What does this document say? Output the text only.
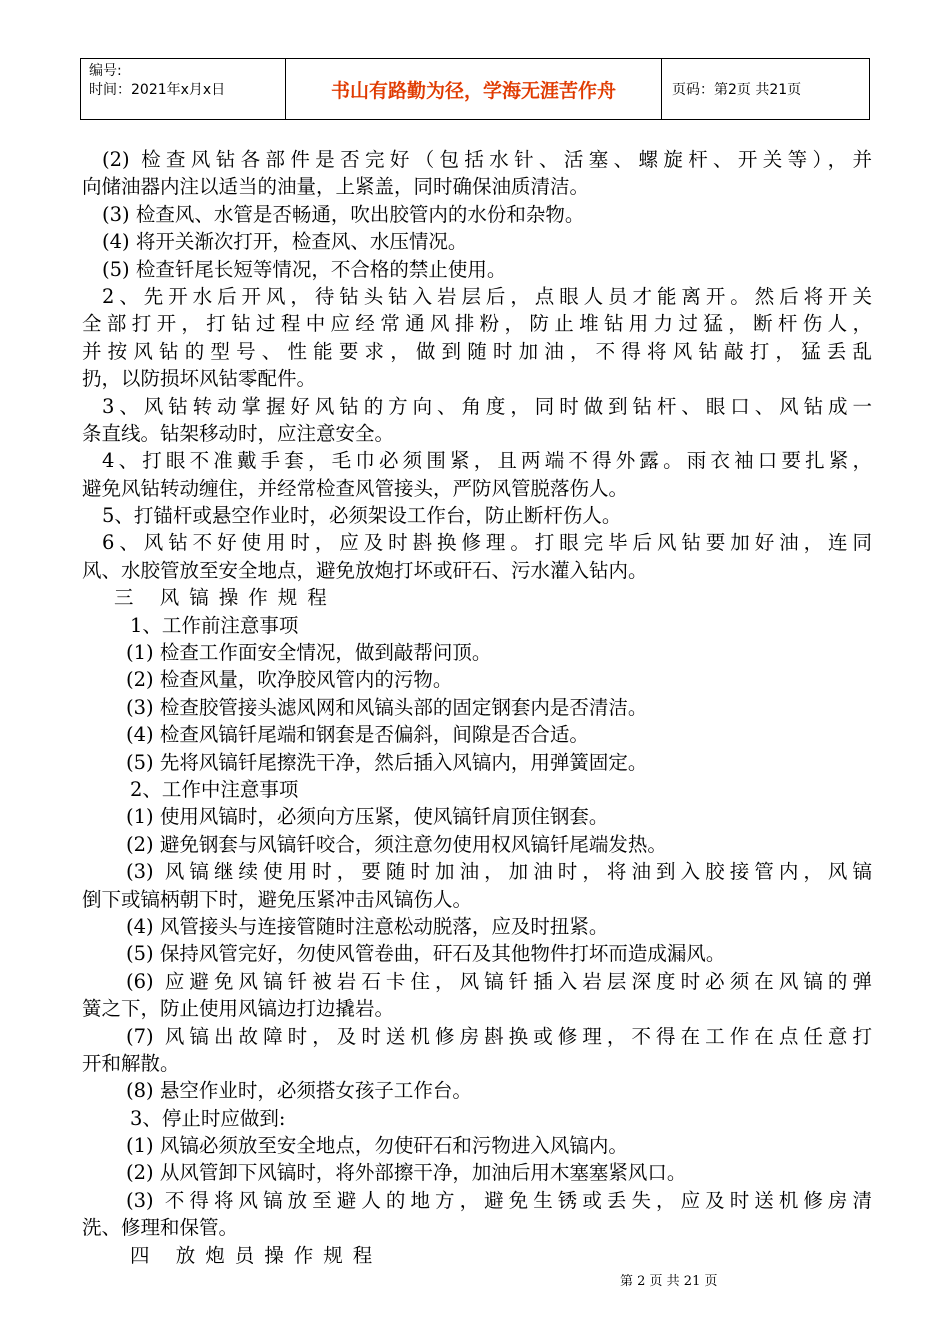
编号:
时间：2021年x月x日	书山有路勤为径，学海无涯苦作舟	页码：第2页 共21页
(2) 检查风钻各部件是否完好（包括水针、活塞、螺旋杆、开关等），并
向储油器内注以适当的油量，上紧盖，同时确保油质清洁。
(3) 检查风、水管是否畅通，吹出胶管内的水份和杂物。
(4) 将开关渐次打开，检查风、水压情况。
(5) 检查钎尾长短等情况，不合格的禁止使用。
2、先开水后开风，待钻头钻入岩层后，点眼人员才能离开。然后将开关
全部打开，打钻过程中应经常通风排粉，防止堆钻用力过猛，断杆伤人，
并按风钻的型号、性能要求，做到随时加油，不得将风钻敲打，猛丢乱
扔，以防损坏风钻零配件。
3、风钻转动掌握好风钻的方向、角度，同时做到钻杆、眼口、风钻成一
条直线。钻架移动时，应注意安全。
4、打眼不准戴手套，毛巾必须围紧，且两端不得外露。雨衣袖口要扎紧，
避免风钻转动缠住，并经常检查风管接头，严防风管脱落伤人。
5、打锚杆或悬空作业时，必须架设工作台，防止断杆伤人。
6、风钻不好使用时，应及时斟换修理。打眼完毕后风钻要加好油，连同
风、水胶管放至安全地点，避免放炮打坏或矸石、污水灌入钻内。
三 风镐操作规程
1、工作前注意事项
(1) 检查工作面安全情况，做到敲帮问顶。
(2) 检查风量，吹净胶风管内的污物。
(3) 检查胶管接头滤风网和风镐头部的固定钢套内是否清洁。
(4) 检查风镐钎尾端和钢套是否偏斜，间隙是否合适。
(5) 先将风镐钎尾擦洗干净，然后插入风镐内，用弹簧固定。
2、工作中注意事项
(1) 使用风镐时，必须向方压紧，使风镐钎肩顶住钢套。
(2) 避免钢套与风镐钎咬合，须注意勿使用权风镐钎尾端发热。
(3) 风镐继续使用时，要随时加油，加油时，将油到入胶接管内，风镐
倒下或镐柄朝下时，避免压紧冲击风镐伤人。
(4) 风管接头与连接管随时注意松动脱落，应及时扭紧。
(5) 保持风管完好，勿使风管卷曲，矸石及其他物件打坏而造成漏风。
(6) 应避免风镐钎被岩石卡住，风镐钎插入岩层深度时必须在风镐的弹
簧之下，防止使用风镐边打边撬岩。
(7) 风镐出故障时，及时送机修房斟换或修理，不得在工作在点任意打
开和解散。
(8) 悬空作业时，必须搭女孩子工作台。
3、停止时应做到:
(1) 风镐必须放至安全地点，勿使矸石和污物进入风镐内。
(2) 从风管卸下风镐时，将外部擦干净，加油后用木塞塞紧风口。
(3) 不得将风镐放至避人的地方，避免生锈或丢失，应及时送机修房清
洗、修理和保管。
四 放炮员操作规程
第 2 页 共 21 页
